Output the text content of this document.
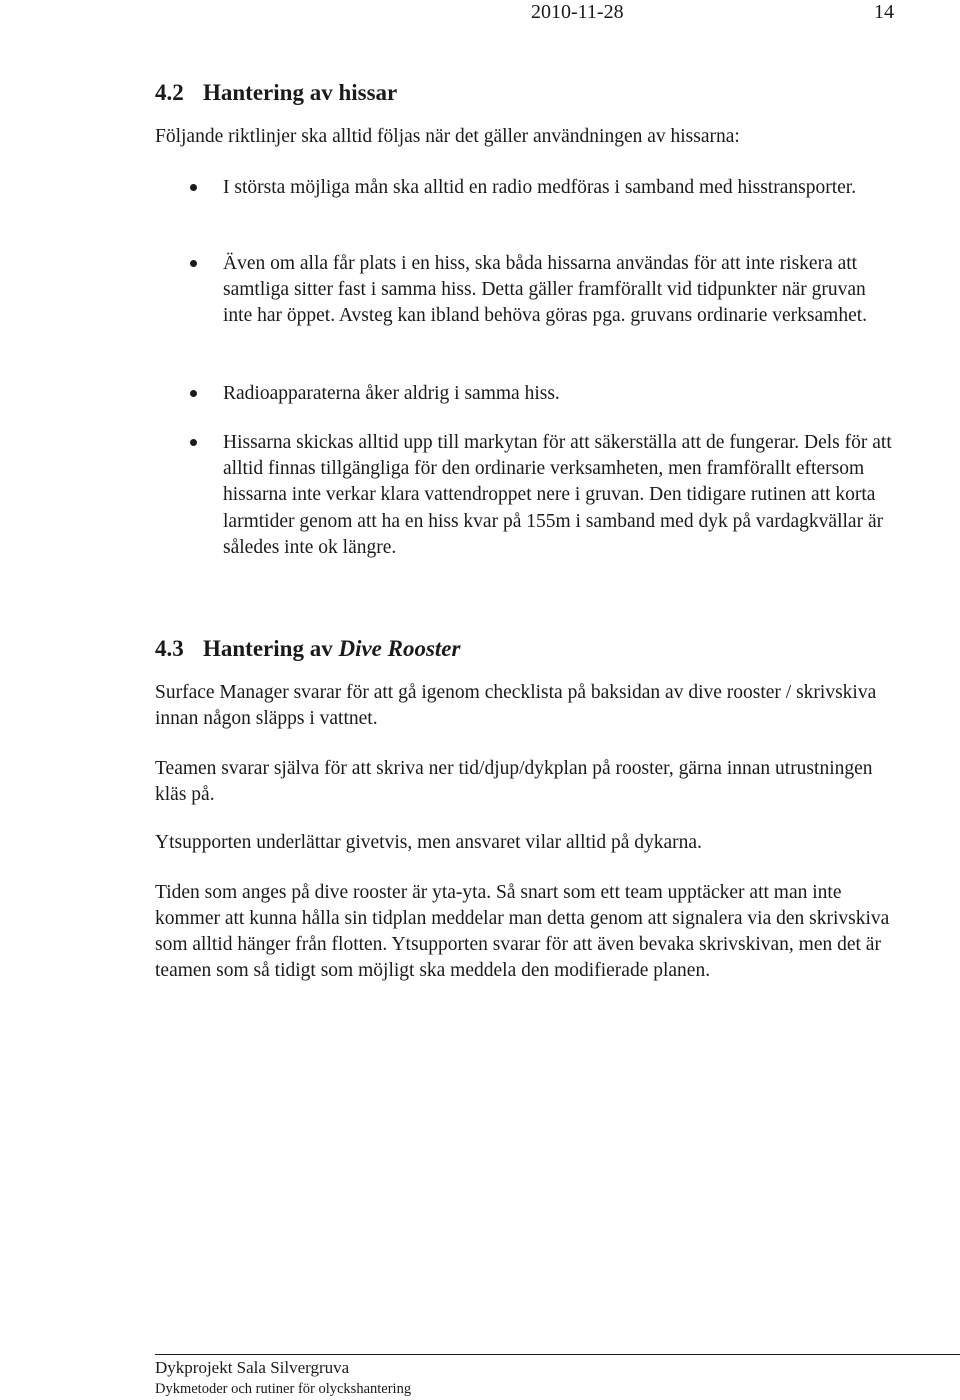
2010-11-28	14
4.2 Hantering av hissar

Följande riktlinjer ska alltid följas när det gäller användningen av hissarna:

I största möjliga mån ska alltid en radio medföras i samband med hisstransporter.
Även om alla får plats i en hiss, ska båda hissarna användas för att inte riskera att samtliga sitter fast i samma hiss. Detta gäller framförallt vid tidpunkter när gruvan inte har öppet. Avsteg kan ibland behöva göras pga. gruvans ordinarie verksamhet.
Radioapparaterna åker aldrig i samma hiss.
Hissarna skickas alltid upp till markytan för att säkerställa att de fungerar. Dels för att alltid finnas tillgängliga för den ordinarie verksamheten, men framförallt eftersom hissarna inte verkar klara vattendroppet nere i gruvan. Den tidigare rutinen att korta larmtider genom att ha en hiss kvar på 155m i samband med dyk på vardagkvällar är således inte ok längre.
4.3 Hantering av Dive Rooster

Surface Manager svarar för att gå igenom checklista på baksidan av dive rooster / skrivskiva innan någon släpps i vattnet.

Teamen svarar själva för att skriva ner tid/djup/dykplan på rooster, gärna innan utrustningen kläs på.

Ytsupporten underlättar givetvis, men ansvaret vilar alltid på dykarna.

Tiden som anges på dive rooster är yta-yta. Så snart som ett team upptäcker att man inte kommer att kunna hålla sin tidplan meddelar man detta genom att signalera via den skrivskiva som alltid hänger från flotten. Ytsupporten svarar för att även bevaka skrivskivan, men det är teamen som så tidigt som möjligt ska meddela den modifierade planen.

Dykprojekt Sala Silvergruva
Dykmetoder och rutiner för olyckshantering
